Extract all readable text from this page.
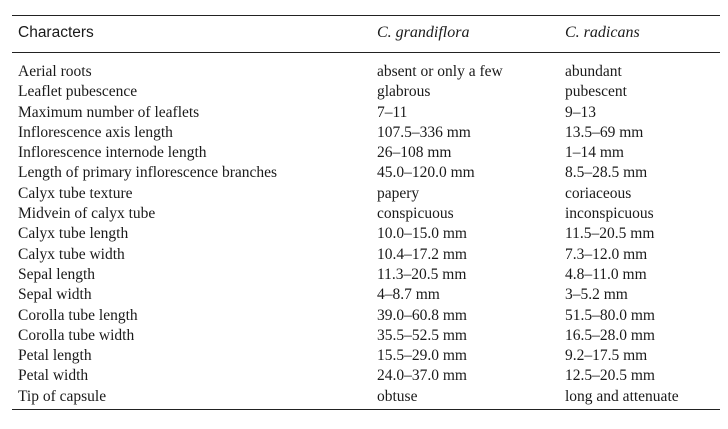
Characters	C. grandiflora	C. radicans
Aerial roots	absent or only a few	abundant
Leaflet pubescence	glabrous	pubescent
Maximum number of leaflets	7–11	9–13
Inflorescence axis length	107.5–336 mm	13.5–69 mm
Inflorescence internode length	26–108 mm	1–14 mm
Length of primary inflorescence branches	45.0–120.0 mm	8.5–28.5 mm
Calyx tube texture	papery	coriaceous
Midvein of calyx tube	conspicuous	inconspicuous
Calyx tube length	10.0–15.0 mm	11.5–20.5 mm
Calyx tube width	10.4–17.2 mm	7.3–12.0 mm
Sepal length	11.3–20.5 mm	4.8–11.0 mm
Sepal width	4–8.7 mm	3–5.2 mm
Corolla tube length	39.0–60.8 mm	51.5–80.0 mm
Corolla tube width	35.5–52.5 mm	16.5–28.0 mm
Petal length	15.5–29.0 mm	9.2–17.5 mm
Petal width	24.0–37.0 mm	12.5–20.5 mm
Tip of capsule	obtuse	long and attenuate
